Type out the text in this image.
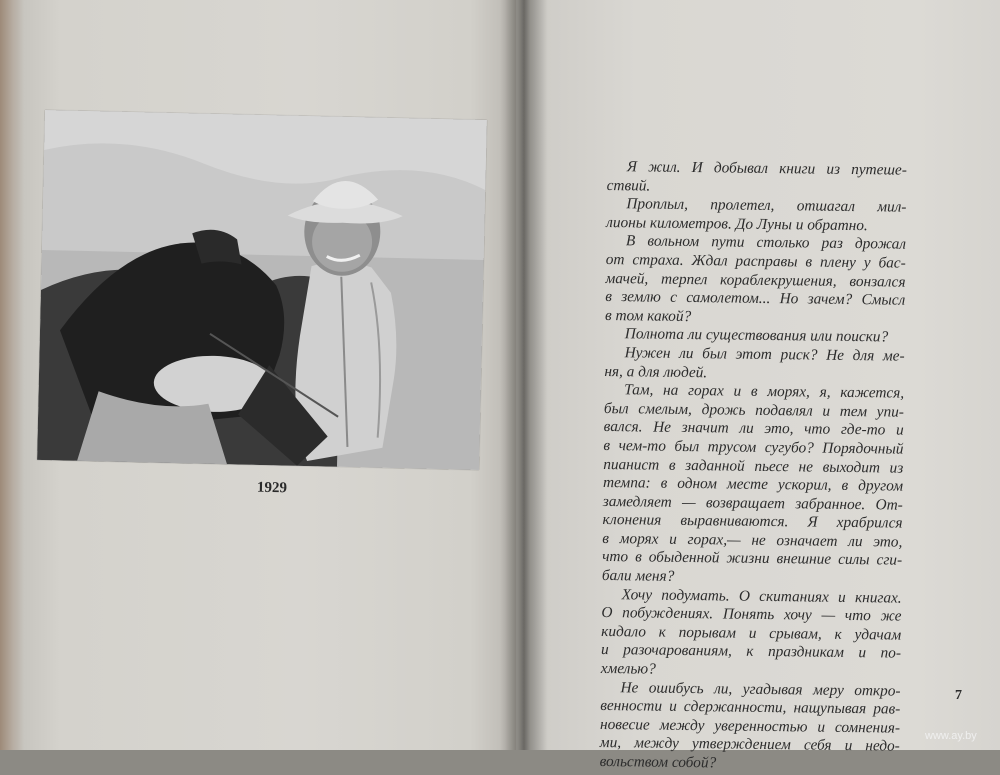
1929

Я жил. И добывал книги из путеше-
ствий.

Проплыл, пролетел, отшагал мил-
лионы километров. До Луны и обратно.

В вольном пути столько раз дрожал
от страха. Ждал расправы в плену у бас-
мачей, терпел кораблекрушения, вонзался
в землю с самолетом... Но зачем? Смысл
в том какой?

Полнота ли существования или поиски?

Нужен ли был этот риск? Не для ме-
ня, а для людей.

Там, на горах и в морях, я, кажется,
был смелым, дрожь подавлял и тем упи-
вался. Не значит ли это, что где-то и
в чем-то был трусом сугубо? Порядочный
пианист в заданной пьесе не выходит из
темпа: в одном месте ускорил, в другом
замедляет — возвращает забранное. От-
клонения выравниваются. Я храбрился
в морях и горах,— не означает ли это,
что в обыденной жизни внешние силы сги-
бали меня?

Хочу подумать. О скитаниях и книгах.
О побуждениях. Понять хочу — что же
кидало к порывам и срывам, к удачам
и разочарованиям, к праздникам и по-
хмелью?

Не ошибусь ли, угадывая меру откро-
венности и сдержанности, нащупывая рав-
новесие между уверенностью и сомнения-
ми, между утверждением себя и недо-
вольством собой?

7
www.ay.by
